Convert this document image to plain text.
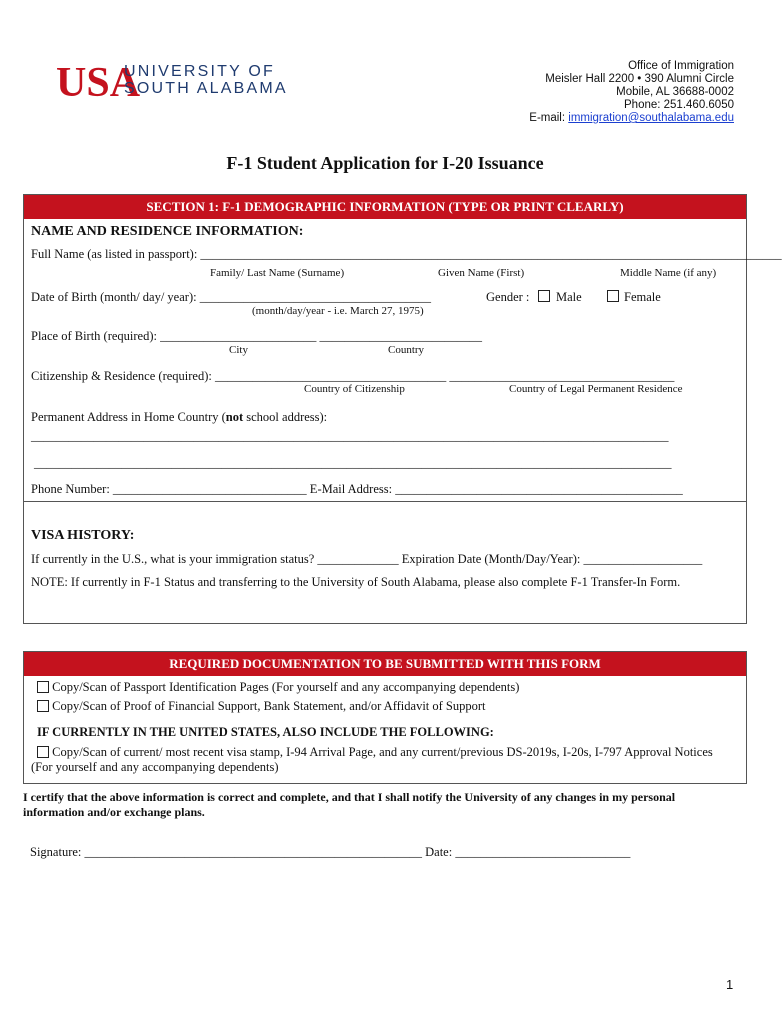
USA
UNIVERSITY OF
SOUTH ALABAMA
Office of Immigration
Meisler Hall 2200 • 390 Alumni Circle
Mobile, AL 36688-0002
Phone: 251.460.6050
E-mail: immigration@southalabama.edu
F-1 Student Application for I-20 Issuance
SECTION 1: F-1 DEMOGRAPHIC INFORMATION (TYPE OR PRINT CLEARLY)
NAME AND RESIDENCE INFORMATION:
Full Name (as listed in passport): _____________________________________________________________________________________________
Family/ Last Name (Surname)	Given Name (First)	Middle Name (if any)
Date of Birth (month/ day/ year): _____________________________________
(month/day/year - i.e. March 27, 1975)
Gender : Male	Female
Place of Birth (required): _________________________ __________________________
City	Country
Citizenship & Residence (required): _____________________________________ ____________________________________
Country of Citizenship	Country of Legal Permanent Residence
Permanent Address in Home Country (not school address):
______________________________________________________________________________________________________
______________________________________________________________________________________________________
Phone Number: _______________________________ E-Mail Address: ______________________________________________
VISA HISTORY:
If currently in the U.S., what is your immigration status? _____________ Expiration Date (Month/Day/Year): ___________________
NOTE: If currently in F-1 Status and transferring to the University of South Alabama, please also complete F-1 Transfer-In Form.
REQUIRED DOCUMENTATION TO BE SUBMITTED WITH THIS FORM
Copy/Scan of Passport Identification Pages (For yourself and any accompanying dependents)
Copy/Scan of Proof of Financial Support, Bank Statement, and/or Affidavit of Support
IF CURRENTLY IN THE UNITED STATES, ALSO INCLUDE THE FOLLOWING:
Copy/Scan of current/ most recent visa stamp, I-94 Arrival Page, and any current/previous DS-2019s, I-20s, I-797 Approval Notices
(For yourself and any accompanying dependents)
I certify that the above information is correct and complete, and that I shall notify the University of any changes in my personal
information and/or exchange plans.
Signature: ______________________________________________________ Date: ____________________________
1
